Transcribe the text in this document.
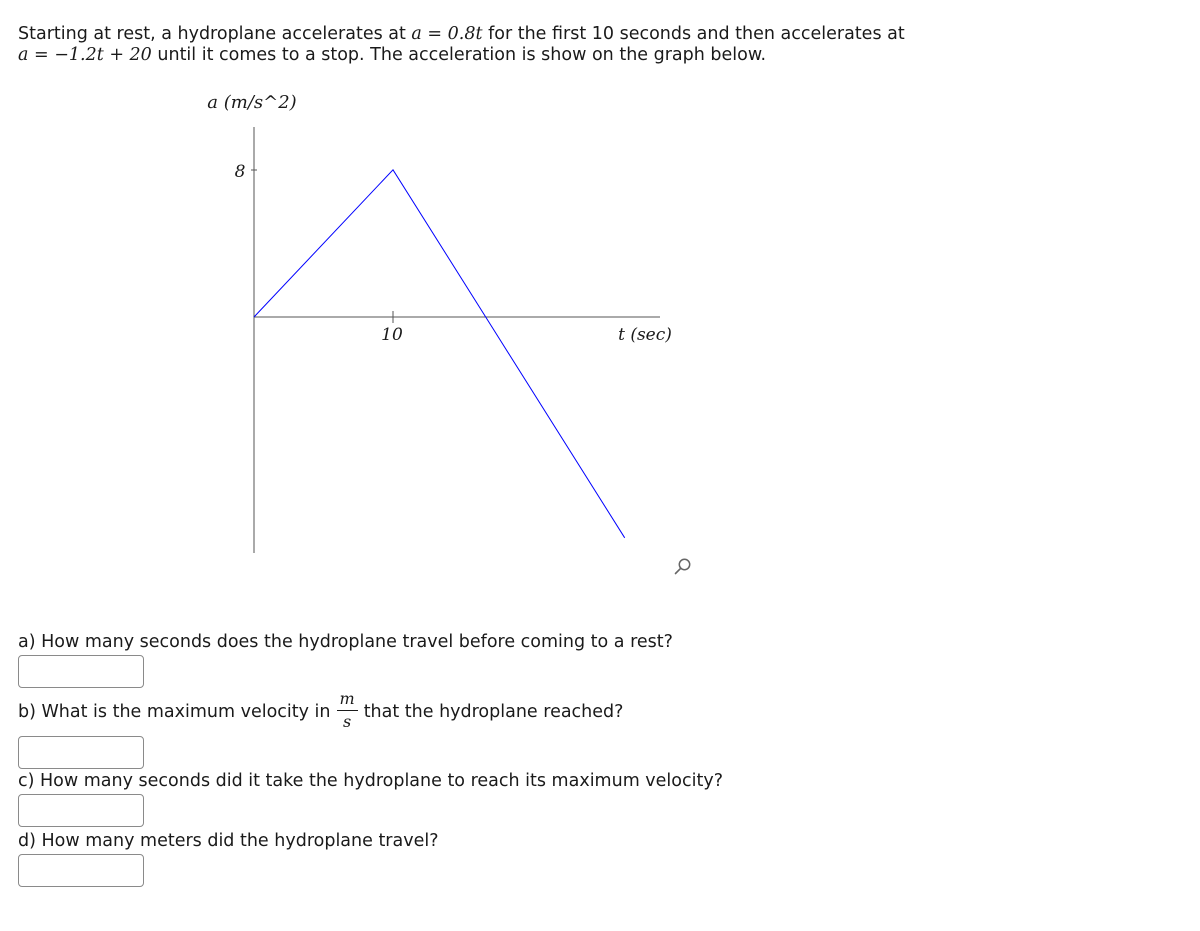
Starting at rest, a hydroplane accelerates at a = 0.8t for the first 10 seconds and then accelerates at
a = −1.2t + 20 until it comes to a stop. The acceleration is show on the graph below.
a (m/s^2)
t (sec)
8
10
a) How many seconds does the hydroplane travel before coming to a rest?
b) What is the maximum velocity in $\frac{m}{s}$ that the hydroplane reached?
c) How many seconds did it take the hydroplane to reach its maximum velocity?
d) How many meters did the hydroplane travel?
